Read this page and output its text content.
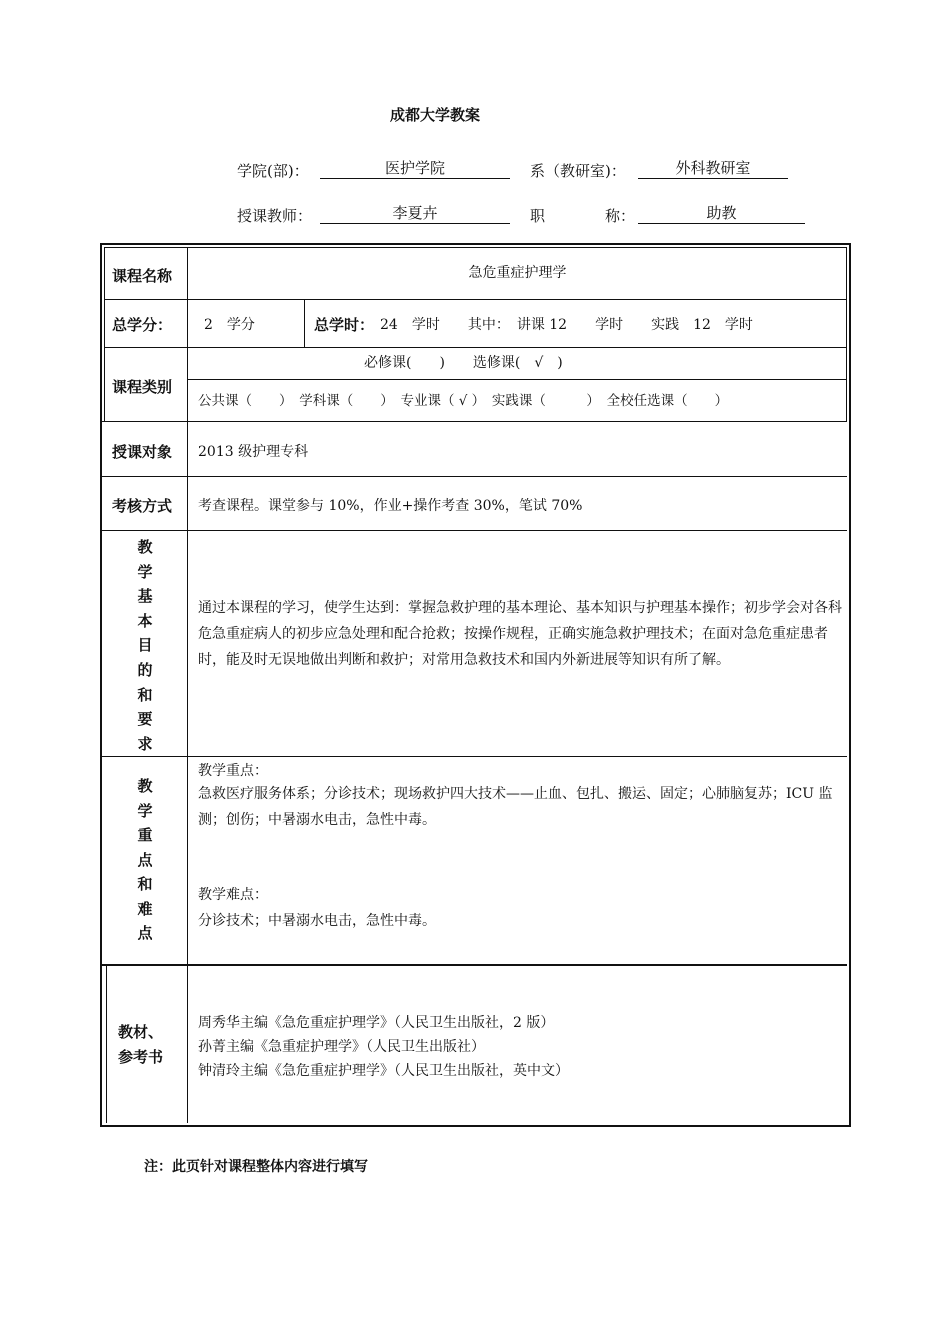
成都大学教案
学院(部)：	医护学院	系（教研室)：	外科教研室
授课教师：	李夏卉	职	称：	助教
课程名称	急危重症护理学
总学分： 2　学分	总学时： 24　学时　　其中：　讲课 12　　学时　　实践　12　学时
课程类别
必修课(　　)　　选修课(　√　)
公共课（　　）　学科课（　　）　专业课（ √ ）　实践课（　　　）　全校任选课（　　）
授课对象 2013 级护理专科
考核方式 考查课程。课堂参与 10%，作业+操作考查 30%，笔试 70%
教
学
基
本
目
的
和
要
求
通过本课程的学习，使学生达到：掌握急救护理的基本理论、基本知识与护理基本操作；初步学会对各科危急重症病人的初步应急处理和配合抢救；按操作规程，正确实施急救护理技术；在面对急危重症患者时，能及时无误地做出判断和救护；对常用急救技术和国内外新进展等知识有所了解。
教
学
重
点
和
难
点
教学重点：
急救医疗服务体系；分诊技术；现场救护四大技术——止血、包扎、搬运、固定；心肺脑复苏；ICU 监测；创伤；中暑溺水电击，急性中毒。
教学难点：
分诊技术；中暑溺水电击，急性中毒。
教材、
参考书
周秀华主编《急危重症护理学》（人民卫生出版社，2 版）
孙菁主编《急重症护理学》（人民卫生出版社）
钟清玲主编《急危重症护理学》（人民卫生出版社，英中文）
注：此页针对课程整体内容进行填写
